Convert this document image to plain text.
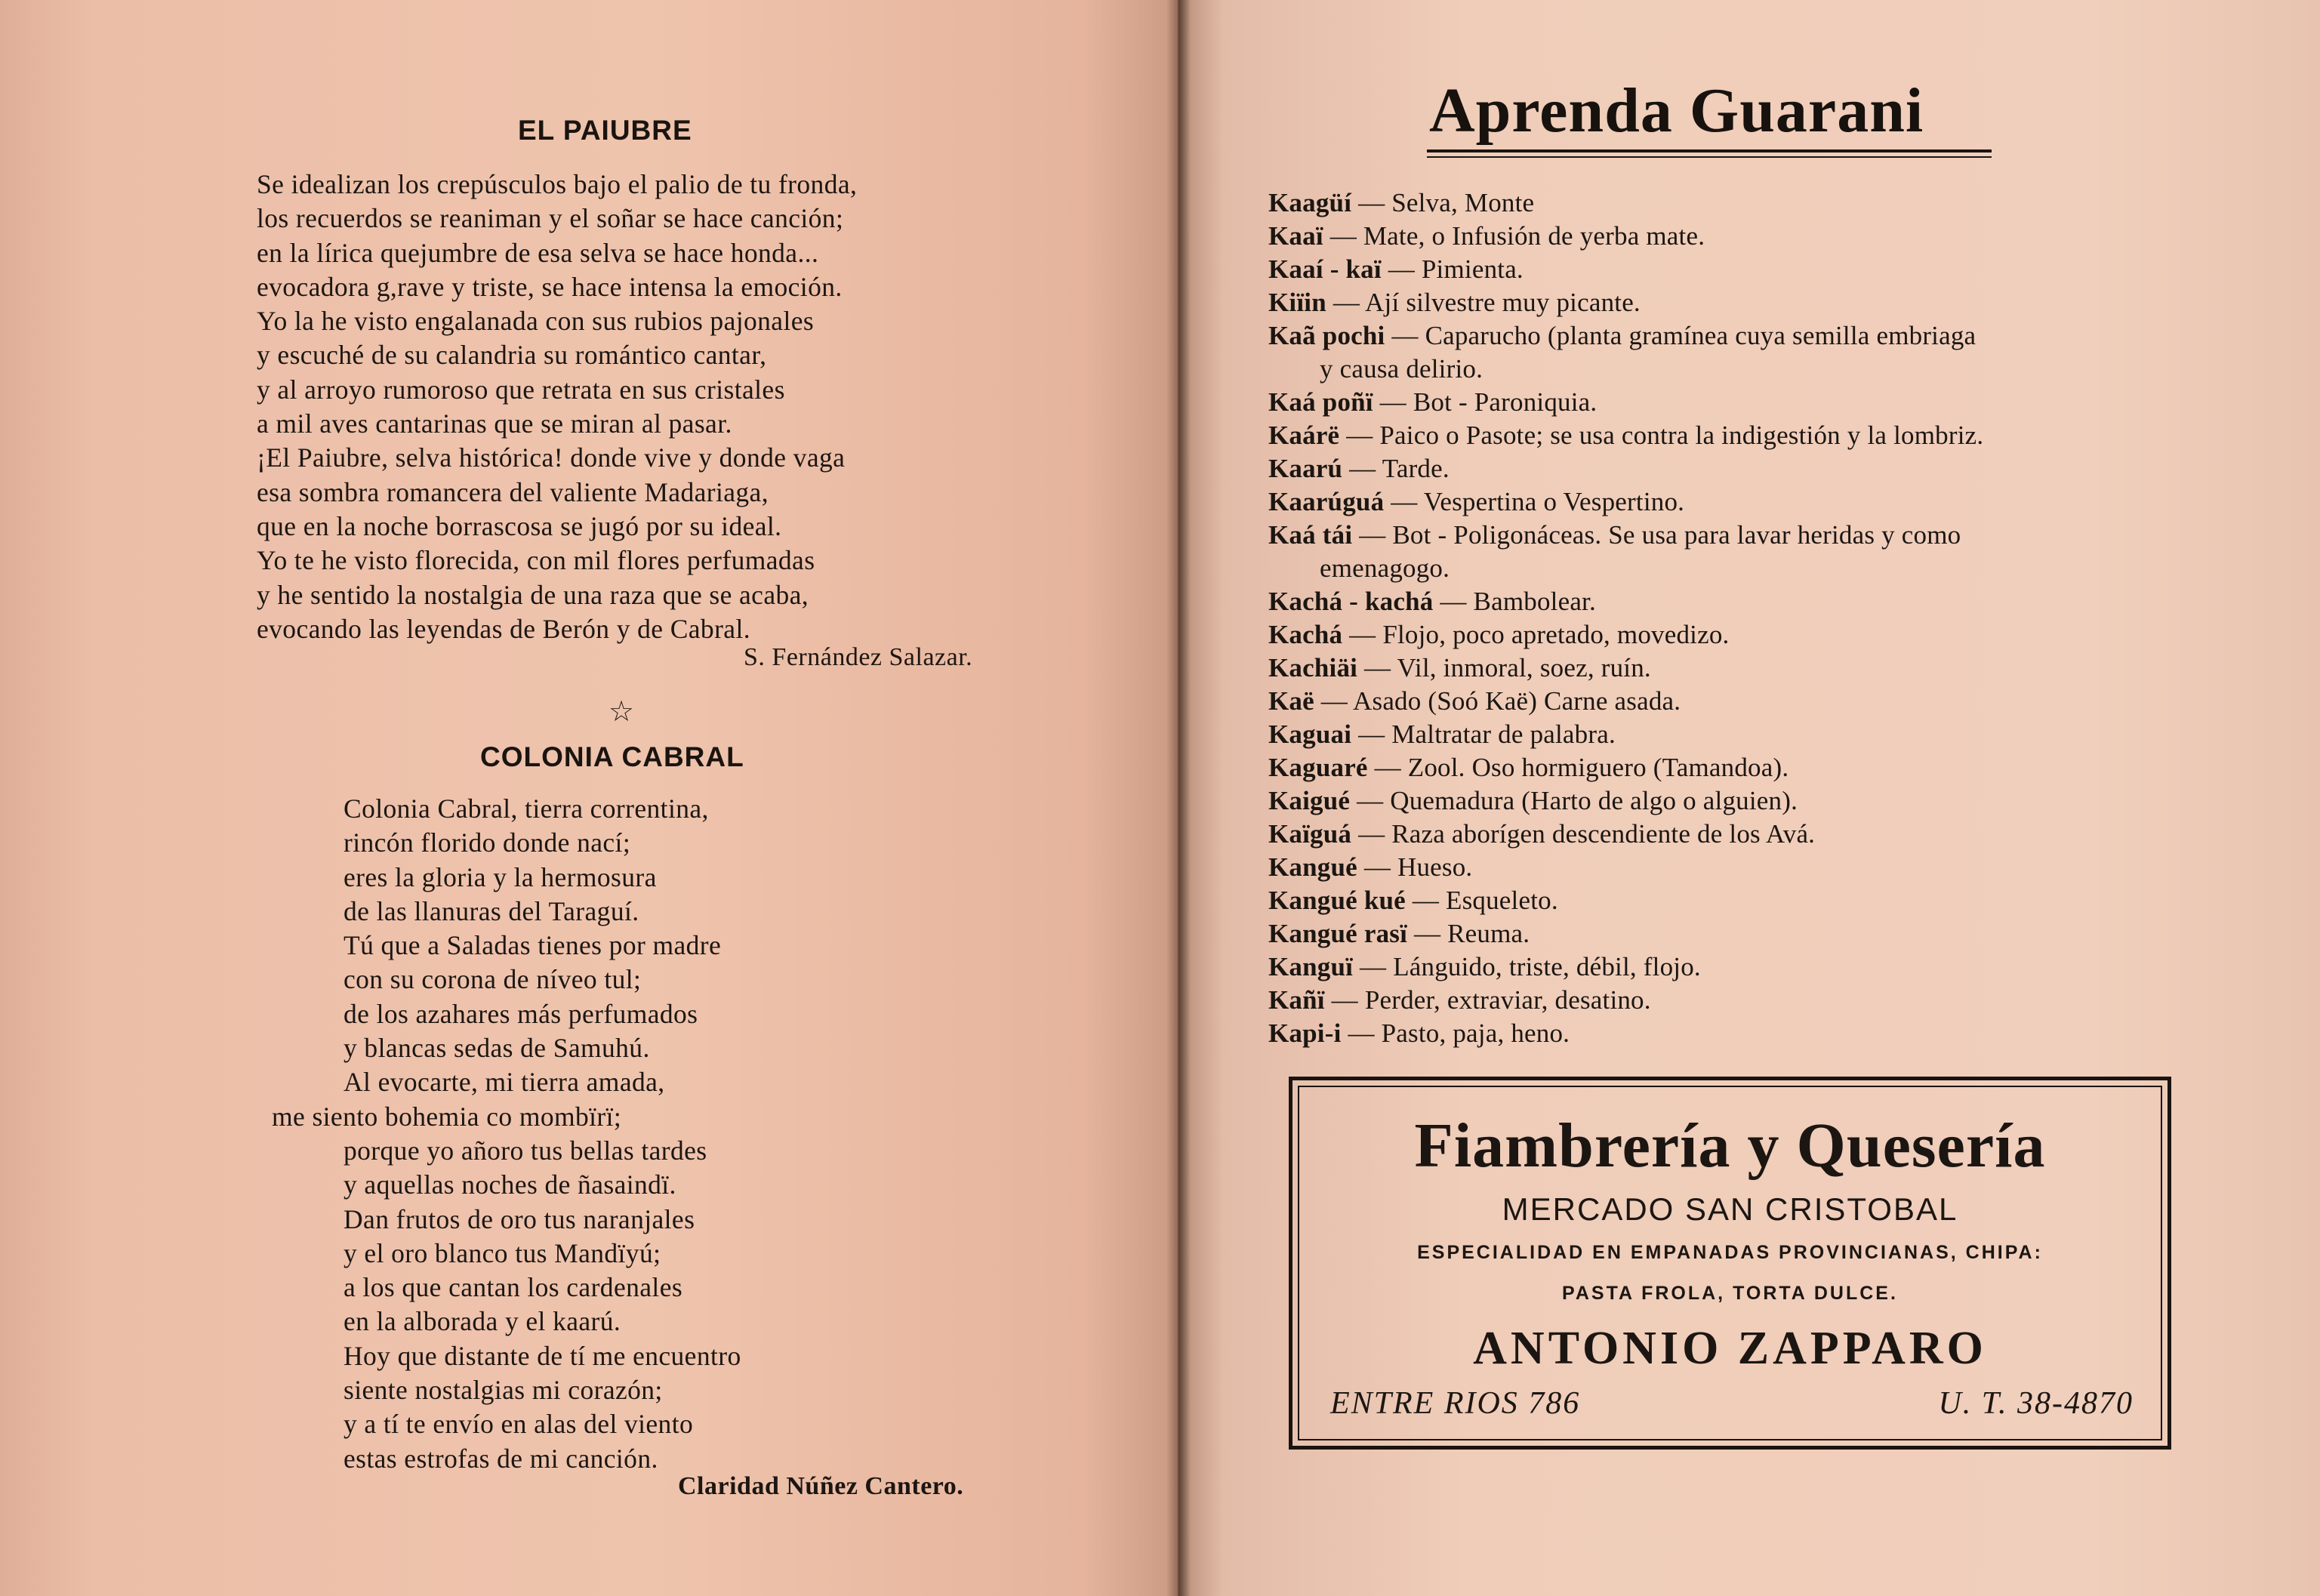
EL PAIUBRE
Se idealizan los crepúsculos bajo el palio de tu fronda,
los recuerdos se reaniman y el soñar se hace canción;
en la lírica quejumbre de esa selva se hace honda...
evocadora g,rave y triste, se hace intensa la emoción.
Yo la he visto engalanada con sus rubios pajonales
y escuché de su calandria su romántico cantar,
y al arroyo rumoroso que retrata en sus cristales
a mil aves cantarinas que se miran al pasar.
¡El Paiubre, selva histórica! donde vive y donde vaga
esa sombra romancera del valiente Madariaga,
que en la noche borrascosa se jugó por su ideal.
Yo te he visto florecida, con mil flores perfumadas
y he sentido la nostalgia de una raza que se acaba,
evocando las leyendas de Berón y de Cabral.
S. Fernández Salazar.
☆
COLONIA CABRAL
Colonia Cabral, tierra correntina,
rincón florido donde nací;
eres la gloria y la hermosura
de las llanuras del Taraguí.
Tú que a Saladas tienes por madre
con su corona de níveo tul;
de los azahares más perfumados
y blancas sedas de Samuhú.
Al evocarte, mi tierra amada,
me siento bohemia co mombïrï;
porque yo añoro tus bellas tardes
y aquellas noches de ñasaindï.
Dan frutos de oro tus naranjales
y el oro blanco tus Mandïyú;
a los que cantan los cardenales
en la alborada y el kaarú.
Hoy que distante de tí me encuentro
siente nostalgias mi corazón;
y a tí te envío en alas del viento
estas estrofas de mi canción.
Claridad Núñez Cantero.
Aprenda Guarani
Kaagüí — Selva, Monte
Kaaï — Mate, o Infusión de yerba mate.
Kaaí - kaï — Pimienta.
Kiïin — Ají silvestre muy picante.
Kaã pochi — Caparucho (planta gramínea cuya semilla embriaga
y causa delirio.
Kaá poñï — Bot - Paroniquia.
Kaárë — Paico o Pasote; se usa contra la indigestión y la lombriz.
Kaarú — Tarde.
Kaarúguá — Vespertina o Vespertino.
Kaá tái — Bot - Poligonáceas. Se usa para lavar heridas y como
emenagogo.
Kachá - kachá — Bambolear.
Kachá — Flojo, poco apretado, movedizo.
Kachiäi — Vil, inmoral, soez, ruín.
Kaë — Asado (Soó Kaë) Carne asada.
Kaguai — Maltratar de palabra.
Kaguaré — Zool. Oso hormiguero (Tamandoa).
Kaigué — Quemadura (Harto de algo o alguien).
Kaïguá — Raza aborígen descendiente de los Avá.
Kangué — Hueso.
Kangué kué — Esqueleto.
Kangué rasï — Reuma.
Kanguï — Lánguido, triste, débil, flojo.
Kañï — Perder, extraviar, desatino.
Kapi-i — Pasto, paja, heno.
Fiambrería y Quesería
MERCADO SAN CRISTOBAL
ESPECIALIDAD EN EMPANADAS PROVINCIANAS, CHIPA:
PASTA FROLA, TORTA DULCE.
ANTONIO ZAPPARO
ENTRE RIOS 786	U. T. 38-4870
